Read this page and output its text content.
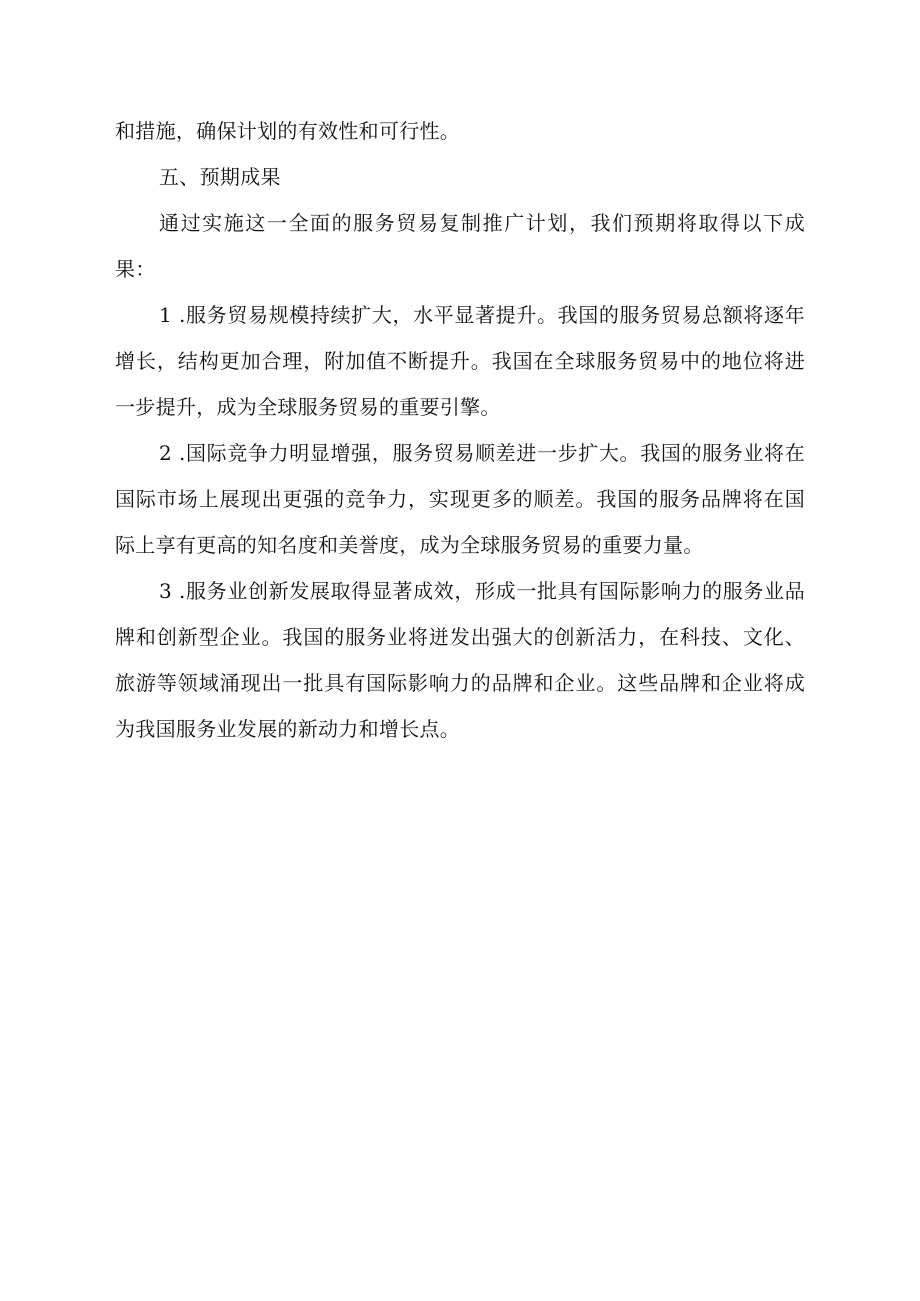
和措施，确保计划的有效性和可行性。

五、预期成果

通过实施这一全面的服务贸易复制推广计划，我们预期将取得以下成果：

1 .服务贸易规模持续扩大，水平显著提升。我国的服务贸易总额将逐年增长，结构更加合理，附加值不断提升。我国在全球服务贸易中的地位将进一步提升，成为全球服务贸易的重要引擎。

2 .国际竞争力明显增强，服务贸易顺差进一步扩大。我国的服务业将在国际市场上展现出更强的竞争力，实现更多的顺差。我国的服务品牌将在国际上享有更高的知名度和美誉度，成为全球服务贸易的重要力量。

3 .服务业创新发展取得显著成效，形成一批具有国际影响力的服务业品牌和创新型企业。我国的服务业将迸发出强大的创新活力，在科技、文化、旅游等领域涌现出一批具有国际影响力的品牌和企业。这些品牌和企业将成为我国服务业发展的新动力和增长点。
